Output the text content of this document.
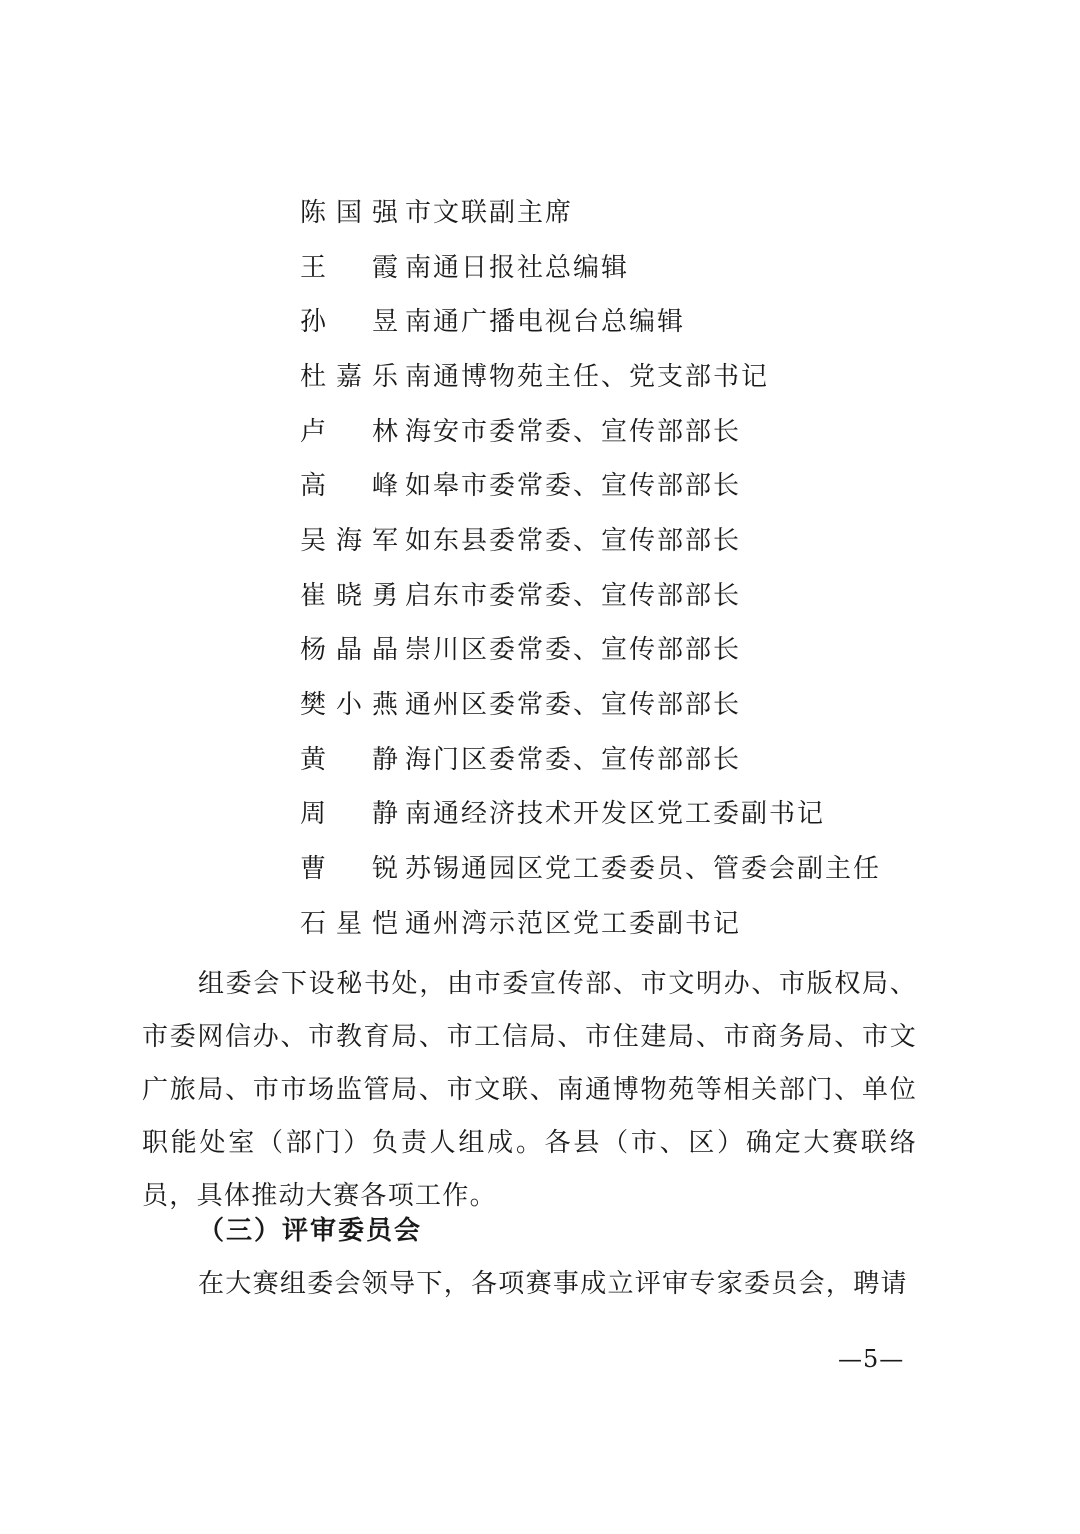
陈国强 市文联副主席
王　霞 南通日报社总编辑
孙　昱 南通广播电视台总编辑
杜嘉乐 南通博物苑主任、党支部书记
卢　林 海安市委常委、宣传部部长
高　峰 如皋市委常委、宣传部部长
吴海军 如东县委常委、宣传部部长
崔晓勇 启东市委常委、宣传部部长
杨晶晶 崇川区委常委、宣传部部长
樊小燕 通州区委常委、宣传部部长
黄　静 海门区委常委、宣传部部长
周　静 南通经济技术开发区党工委副书记
曹　锐 苏锡通园区党工委委员、管委会副主任
石星恺 通州湾示范区党工委副书记
组委会下设秘书处，由市委宣传部、市文明办、市版权局、市委网信办、市教育局、市工信局、市住建局、市商务局、市文广旅局、市市场监管局、市文联、南通博物苑等相关部门、单位职能处室（部门）负责人组成。各县（市、区）确定大赛联络员，具体推动大赛各项工作。
（三）评审委员会
在大赛组委会领导下，各项赛事成立评审专家委员会，聘请
—5—
